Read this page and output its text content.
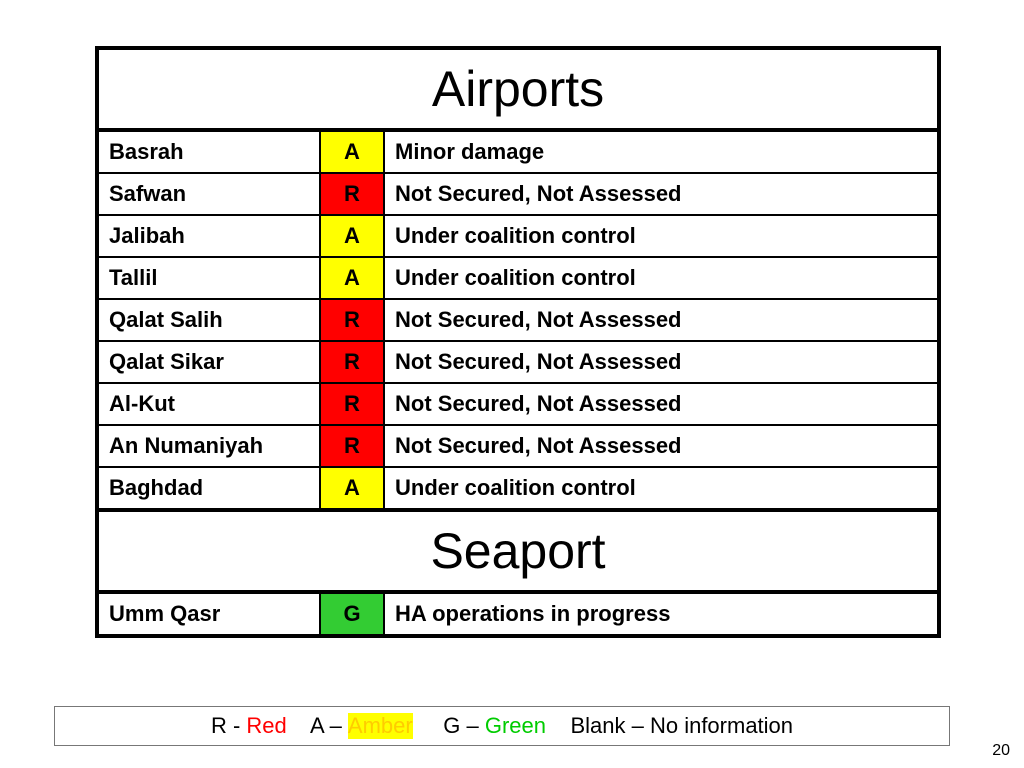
Airports		
Basrah	A	Minor damage
Safwan	R	Not Secured, Not Assessed
Jalibah	A	Under coalition control
Tallil	A	Under coalition control
Qalat Salih	R	Not Secured, Not Assessed
Qalat Sikar	R	Not Secured, Not Assessed
Al-Kut	R	Not Secured, Not Assessed
An Numaniyah	R	Not Secured, Not Assessed
Baghdad	A	Under coalition control
Seaport		
Umm Qasr	G	HA operations in progress
R - Red A – Amber G – Green Blank – No information
20
